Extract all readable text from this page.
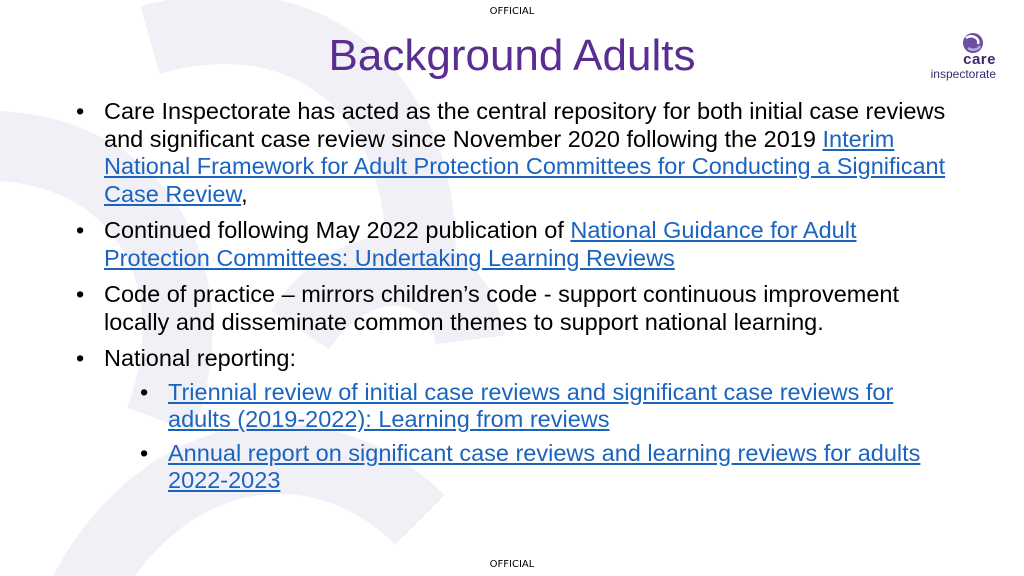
OFFICIAL
Background Adults	care
inspectorate
• Care Inspectorate has acted as the central repository for both initial case reviews and significant case review since November 2020 following the 2019 Interim National Framework for Adult Protection Committees for Conducting a Significant Case Review,
• Continued following May 2022 publication of National Guidance for Adult Protection Committees: Undertaking Learning Reviews
• Code of practice – mirrors children’s code - support continuous improvement locally and disseminate common themes to support national learning.
• National reporting:
• Triennial review of initial case reviews and significant case reviews for adults (2019-2022): Learning from reviews
• Annual report on significant case reviews and learning reviews for adults 2022-2023
OFFICIAL
